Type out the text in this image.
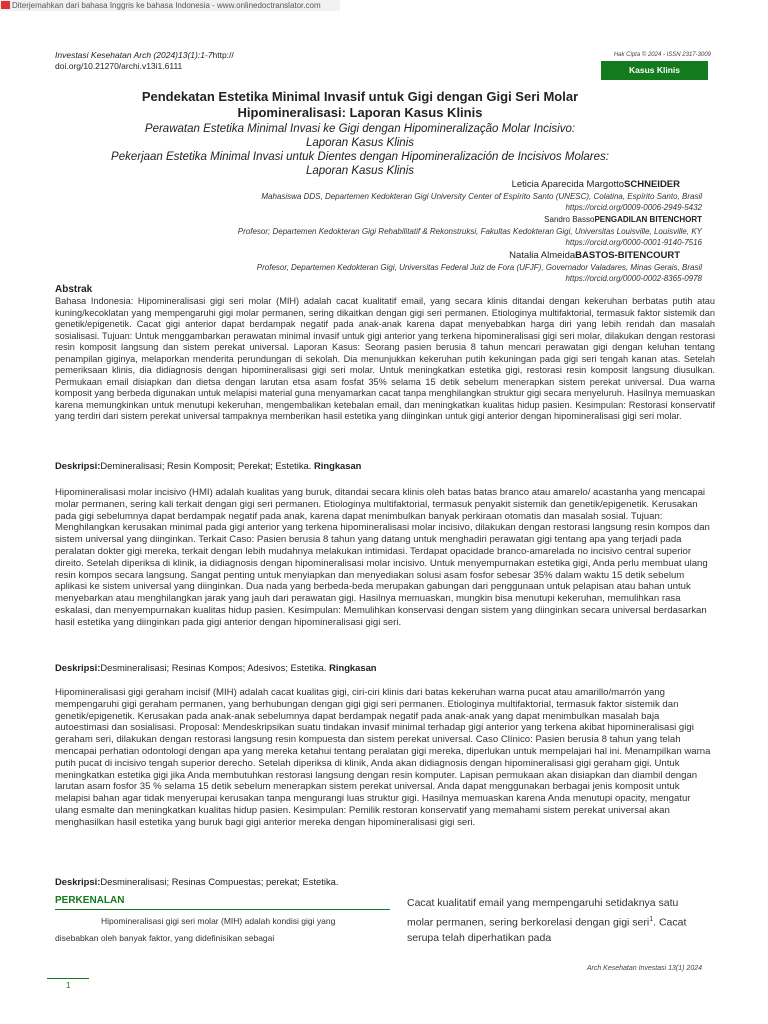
Diterjemahkan dari bahasa Inggris ke bahasa Indonesia - www.onlinedoctranslator.com
Investasi Kesehatan Arch (2024)13(1):1-7http://
doi.org/10.21270/archi.v13i1.6111
Hak Cipta © 2024 - ISSN 2317-3009
Kasus Klinis
Pendekatan Estetika Minimal Invasif untuk Gigi dengan Gigi Seri Molar
Hipomineralisasi: Laporan Kasus Klinis
Perawatan Estetika Minimal Invasi ke Gigi dengan Hipomineralização Molar Incisivo:
Laporan Kasus Klinis
Pekerjaan Estetika Minimal Invasi untuk Dientes dengan Hipomineralización de Incisivos Molares:
Laporan Kasus Klinis
Leticia Aparecida MargottoSCHNEIDER
Mahasiswa DDS, Departemen Kedokteran Gigi University Center of Espírito Santo (UNESC), Colatina, Espírito Santo, Brasil
https://orcid.org/0009-0006-2949-5432
Sandro BassoPENGADILAN BITENCHORT
Profesor; Departemen Kedokteran Gigi Rehabilitatif & Rekonstruksi, Fakultas Kedokteran Gigi, Universitas Louisville, Louisville, KY
https://orcid.org/0000-0001-9140-7516
Natalia AlmeidaBASTOS-BITENCOURT
Profesor, Departemen Kedokteran Gigi, Universitas Federal Juiz de Fora (UFJF), Governador Valadares, Minas Gerais, Brasil
https://orcid.org/0000-0002-8365-0978
Abstrak
Bahasa Indonesia: Hipomineralisasi gigi seri molar (MIH) adalah cacat kualitatif email, yang secara klinis ditandai dengan kekeruhan berbatas putih atau kuning/kecoklatan yang mempengaruhi gigi molar permanen, sering dikaitkan dengan gigi seri permanen. Etiologinya multifaktorial, termasuk faktor sistemik dan genetik/epigenetik. Cacat gigi anterior dapat berdampak negatif pada anak-anak karena dapat menyebabkan harga diri yang lebih rendah dan masalah sosialisasi. Tujuan: Untuk menggambarkan perawatan minimal invasif untuk gigi anterior yang terkena hipomineralisasi gigi seri molar, dilakukan dengan restorasi resin komposit langsung dan sistem perekat universal. Laporan Kasus: Seorang pasien berusia 8 tahun mencari perawatan gigi dengan keluhan tentang penampilan giginya, melaporkan menderita perundungan di sekolah. Dia menunjukkan kekeruhan putih kekuningan pada gigi seri tengah kanan atas. Setelah pemeriksaan klinis, dia didiagnosis dengan hipomineralisasi gigi seri molar. Untuk meningkatkan estetika gigi, restorasi resin komposit langsung diusulkan. Permukaan email disiapkan dan dietsa dengan larutan etsa asam fosfat 35% selama 15 detik sebelum menerapkan sistem perekat universal. Dua warna komposit yang berbeda digunakan untuk melapisi material guna menyamarkan cacat tanpa menghilangkan struktur gigi secara menyeluruh. Hasilnya memuaskan karena memungkinkan untuk menutupi kekeruhan, mengembalikan ketebalan email, dan meningkatkan kualitas hidup pasien. Kesimpulan: Restorasi konservatif yang terdiri dari sistem perekat universal tampaknya memberikan hasil estetika yang diinginkan untuk gigi anterior dengan hipomineralisasi gigi seri molar.
Deskripsi:Demineralisasi; Resin Komposit; Perekat; Estetika. Ringkasan
Hipomineralisasi molar incisivo (HMI) adalah kualitas yang buruk, ditandai secara klinis oleh batas batas branco atau amarelo/ acastanha yang mencapai molar permanen, sering kali terkait dengan gigi seri permanen. Etiologinya multifaktorial, termasuk penyakit sistemik dan genetik/epigenetik. Kerusakan pada gigi sebelumnya dapat berdampak negatif pada anak, karena dapat menimbulkan banyak perkiraan otomatis dan masalah sosial. Tujuan: Menghilangkan kerusakan minimal pada gigi anterior yang terkena hipomineralisasi molar incisivo, dilakukan dengan restorasi langsung resin kompos dan sistem universal yang diinginkan. Terkait Caso: Pasien berusia 8 tahun yang datang untuk menghadiri perawatan gigi tentang apa yang terjadi pada peralatan dokter gigi mereka, terkait dengan lebih mudahnya melakukan intimidasi. Terdapat opacidade branco-amarelada no incisivo central superior direito. Setelah diperiksa di klinik, ia didiagnosis dengan hipomineralisasi molar incisivo. Untuk menyempurnakan estetika gigi, Anda perlu membuat ulang resin kompos secara langsung. Sangat penting untuk menyiapkan dan menyediakan solusi asam fosfor sebesar 35% dalam waktu 15 detik sebelum aplikasi ke sistem universal yang diinginkan. Dua nada yang berbeda-beda merupakan gabungan dari penggunaan untuk pelapisan atau bahan untuk menyebarkan atau menghilangkan jarak yang jauh dari perawatan gigi. Hasilnya memuaskan, mungkin bisa menutupi kekeruhan, memulihkan rasa eskalasi, dan menyempurnakan kualitas hidup pasien. Kesimpulan: Memulihkan konservasi dengan sistem yang diinginkan secara universal berdasarkan hasil estetika yang diinginkan pada gigi anterior dengan hipomineralisasi gigi seri.
Deskripsi:Desmineralisasi; Resinas Kompos; Adesivos; Estetika. Ringkasan
Hipomineralisasi gigi geraham incisif (MIH) adalah cacat kualitas gigi, ciri-ciri klinis dari batas kekeruhan warna pucat atau amarillo/marrón yang mempengaruhi gigi geraham permanen, yang berhubungan dengan gigi gigi seri permanen. Etiologinya multifaktorial, termasuk faktor sistemik dan genetik/epigenetik. Kerusakan pada anak-anak sebelumnya dapat berdampak negatif pada anak-anak yang dapat menimbulkan masalah baja autoestimasi dan sosialisasi. Proposal: Mendeskripsikan suatu tindakan invasif minimal terhadap gigi anterior yang terkena akibat hipomineralisasi gigi geraham seri, dilakukan dengan restorasi langsung resin kompuesta dan sistem perekat universal. Caso Clínico: Pasien berusia 8 tahun yang telah mencapai perhatian odontologi dengan apa yang mereka ketahui tentang peralatan gigi mereka, diperlukan untuk mempelajari hal ini. Menampilkan warna putih pucat di incisivo tengah superior derecho. Setelah diperiksa di klinik, Anda akan didiagnosis dengan hipomineralisasi gigi geraham gigi. Untuk meningkatkan estetika gigi jika Anda membutuhkan restorasi langsung dengan resin komputer. Lapisan permukaan akan disiapkan dan diambil dengan larutan asam fosfor 35 % selama 15 detik sebelum menerapkan sistem perekat universal. Anda dapat menggunakan berbagai jenis komposit untuk melapisi bahan agar tidak menyerupai kerusakan tanpa mengurangi luas struktur gigi. Hasilnya memuaskan karena Anda menutupi opacity, mengatur ulang esmalte dan meningkatkan kualitas hidup pasien. Kesimpulan: Pemilik restoran konservatif yang memahami sistem perekat universal akan menghasilkan hasil estetika yang buruk bagi gigi anterior mereka dengan hipomineralisasi gigi seri.
Deskripsi:Desmineralisasi; Resinas Compuestas; perekat; Estetika.
PERKENALAN
Hipomineralisasi gigi seri molar (MIH) adalah kondisi gigi yang disebabkan oleh banyak faktor, yang didefinisikan sebagai
Cacat kualitatif email yang mempengaruhi setidaknya satu molar permanen, sering berkorelasi dengan gigi seri$^1$. Cacat serupa telah diperhatikan pada
Arch Kesehatan Investasi 13(1) 2024
1
